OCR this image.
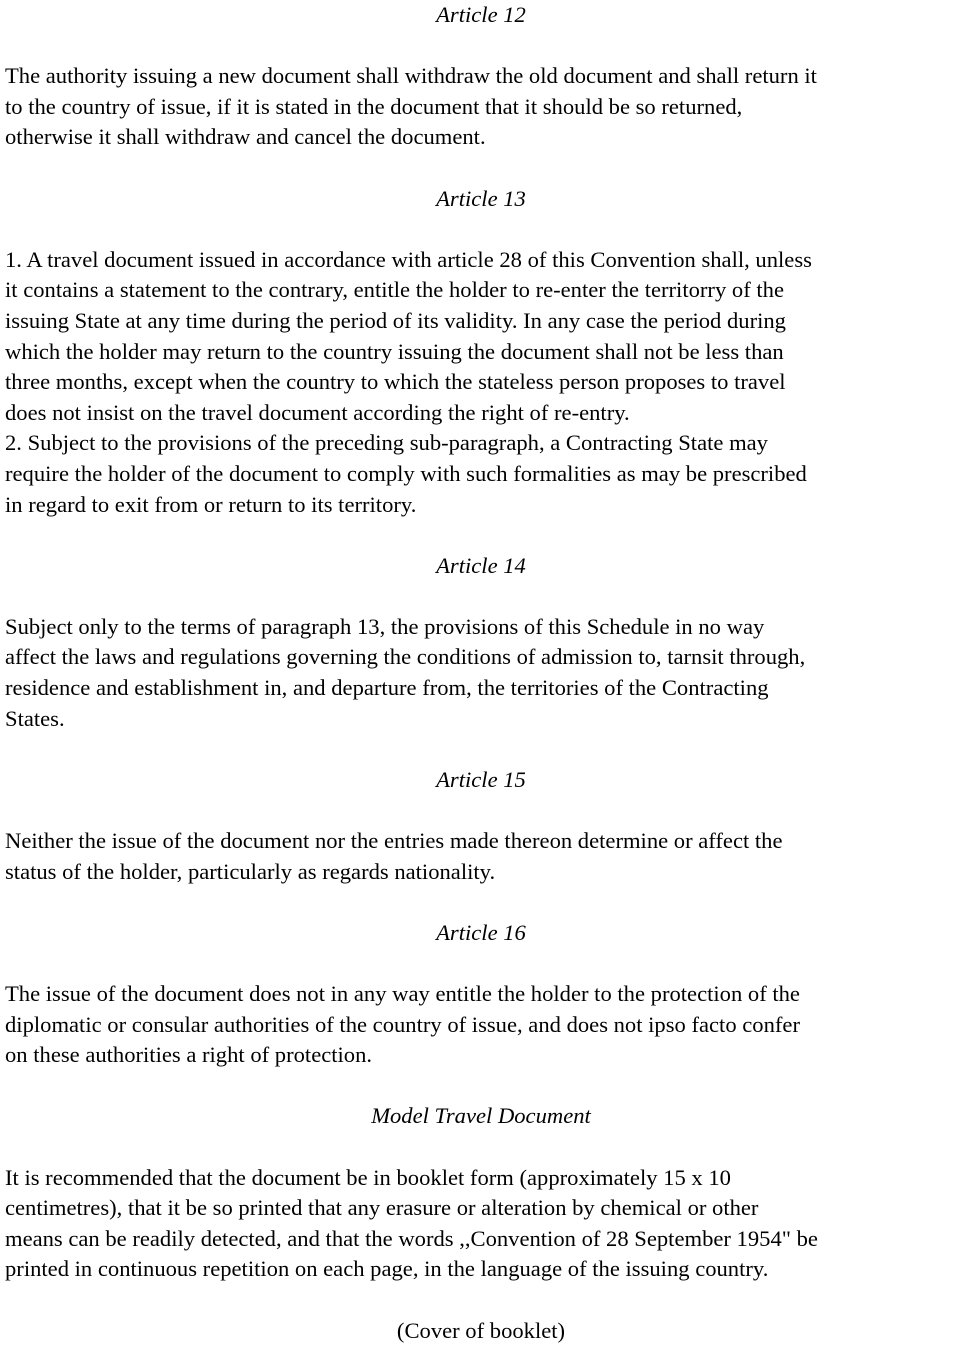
Article 12

The authority issuing a new document shall withdraw the old document and shall return it
to the country of issue, if it is stated in the document that it should be so returned,
otherwise it shall withdraw and cancel the document.

Article 13

1. A travel document issued in accordance with article 28 of this Convention shall, unless
it contains a statement to the contrary, entitle the holder to re-enter the territorry of the
issuing State at any time during the period of its validity. In any case the period during
which the holder may return to the country issuing the document shall not be less than
three months, except when the country to which the stateless person proposes to travel
does not insist on the travel document according the right of re-entry.
2. Subject to the provisions of the preceding sub-paragraph, a Contracting State may
require the holder of the document to comply with such formalities as may be prescribed
in regard to exit from or return to its territory.

Article 14

Subject only to the terms of paragraph 13, the provisions of this Schedule in no way
affect the laws and regulations governing the conditions of admission to, tarnsit through,
residence and establishment in, and departure from, the territories of the Contracting
States.

Article 15

Neither the issue of the document nor the entries made thereon determine or affect the
status of the holder, particularly as regards nationality.

Article 16

The issue of the document does not in any way entitle the holder to the protection of the
diplomatic or consular authorities of the country of issue, and does not ipso facto confer
on these authorities a right of protection.

Model Travel Document

It is recommended that the document be in booklet form (approximately 15 x 10
centimetres), that it be so printed that any erasure or alteration by chemical or other
means can be readily detected, and that the words ,,Convention of 28 September 1954" be
printed in continuous repetition on each page, in the language of the issuing country.

(Cover of booklet)
